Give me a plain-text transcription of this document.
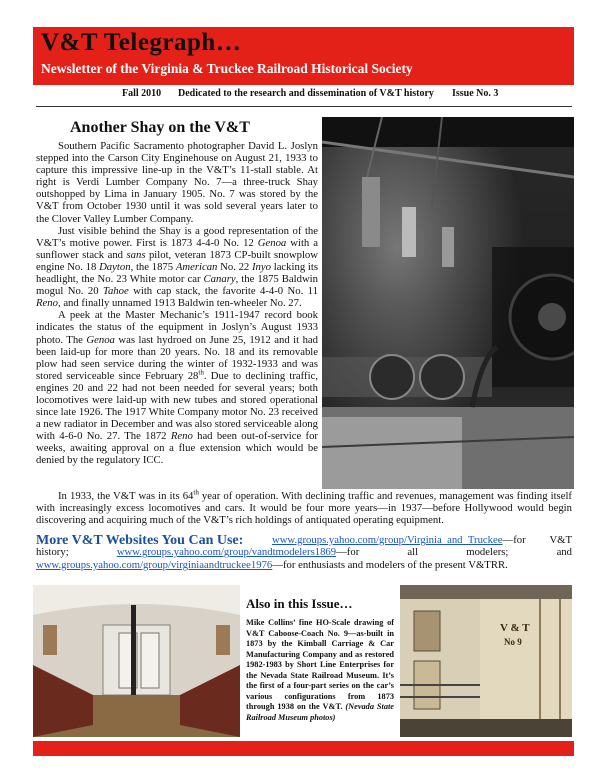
V&T Telegraph…
Newsletter of the Virginia & Truckee Railroad Historical Society
Fall 2010 Dedicated to the research and dissemination of V&T history Issue No. 3
Another Shay on the V&T

Southern Pacific Sacramento photographer David L. Joslyn stepped into the Carson City Enginehouse on August 21, 1933 to capture this impressive line-up in the V&T’s 11-stall stable. At right is Verdi Lumber Company No. 7—a three-truck Shay outshopped by Lima in January 1905. No. 7 was stored by the V&T from October 1930 until it was sold several years later to the Clover Valley Lumber Company.

Just visible behind the Shay is a good representation of the V&T’s motive power. First is 1873 4-4-0 No. 12 Genoa with a sunflower stack and sans pilot, veteran 1873 CP-built snowplow engine No. 18 Dayton, the 1875 American No. 22 Inyo lacking its headlight, the No. 23 White motor car Canary, the 1875 Baldwin mogul No. 20 Tahoe with cap stack, the favorite 4-4-0 No. 11 Reno, and finally unnamed 1913 Baldwin ten-wheeler No. 27.

A peek at the Master Mechanic’s 1911-1947 record book indicates the status of the equipment in Joslyn’s August 1933 photo. The Genoa was last hydroed on June 25, 1912 and it had been laid-up for more than 20 years. No. 18 and its removable plow had seen service during the winter of 1932-1933 and was stored serviceable since February 28th. Due to declining traffic, engines 20 and 22 had not been needed for several years; both locomotives were laid-up with new tubes and stored operational since late 1926. The 1917 White Company motor No. 23 received a new radiator in December and was also stored serviceable along with 4-6-0 No. 27. The 1872 Reno had been out-of-service for weeks, awaiting approval on a flue extension which would be denied by the regulatory ICC.

In 1933, the V&T was in its 64th year of operation. With declining traffic and revenues, management was finding itself with increasingly excess locomotives and cars. It would be four more years—in 1937—before Hollywood would begin discovering and acquiring much of the V&T’s rich holdings of antiquated operating equipment.

More V&T Websites You Can Use:	www.groups.yahoo.com/group/Virginia_and_Truckee—for V&T history;	www.groups.yahoo.com/group/vandtmodelers1869—for all modelers; and www.groups.yahoo.com/group/virginiaandtruckee1976—for enthusiasts and modelers of the present V&TRR.
Also in this Issue…
Mike Collins’ fine HO-Scale drawing of V&T Caboose-Coach No. 9—as-built in 1873 by the Kimball Carriage & Car Manufacturing Company and as restored 1982-1983 by Short Line Enterprises for the Nevada State Railroad Museum. It’s the first of a four-part series on the car’s various configurations from 1873 through 1938 on the V&T. (Nevada State Railroad Museum photos)
V & T
No 9
